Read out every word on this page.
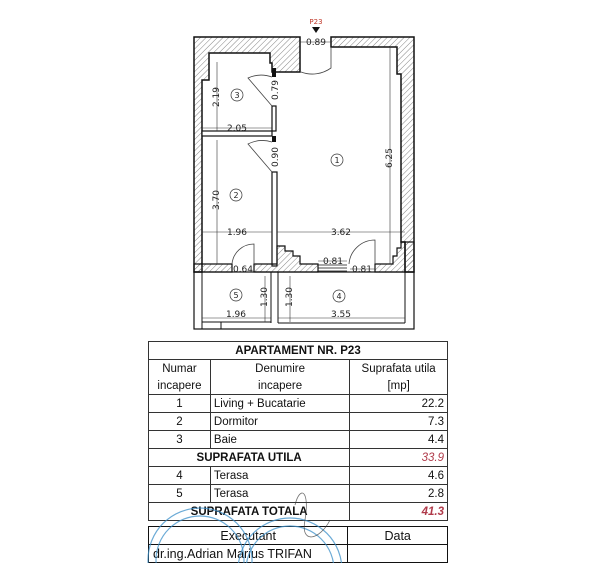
P23
0.89
0.79
2.19
2.05
0.90
3.70
1.96
6.25
3.62
0.64
0.81
0.81
1.30
1.96
1.30
3.55
1
2
3
4
5
APARTAMENT NR. P23		
Numar	Denumire	Suprafata utila
incapere	incapere	[mp]
1	Living + Bucatarie	22.2
2	Dormitor	7.3
3	Baie	4.4
SUPRAFATA UTILA		33.9
4	Terasa	4.6
5	Terasa	2.8
SUPRAFATA TOTALA		41.3
Executant	Data
dr.ing.Adrian Marius TRIFAN	
